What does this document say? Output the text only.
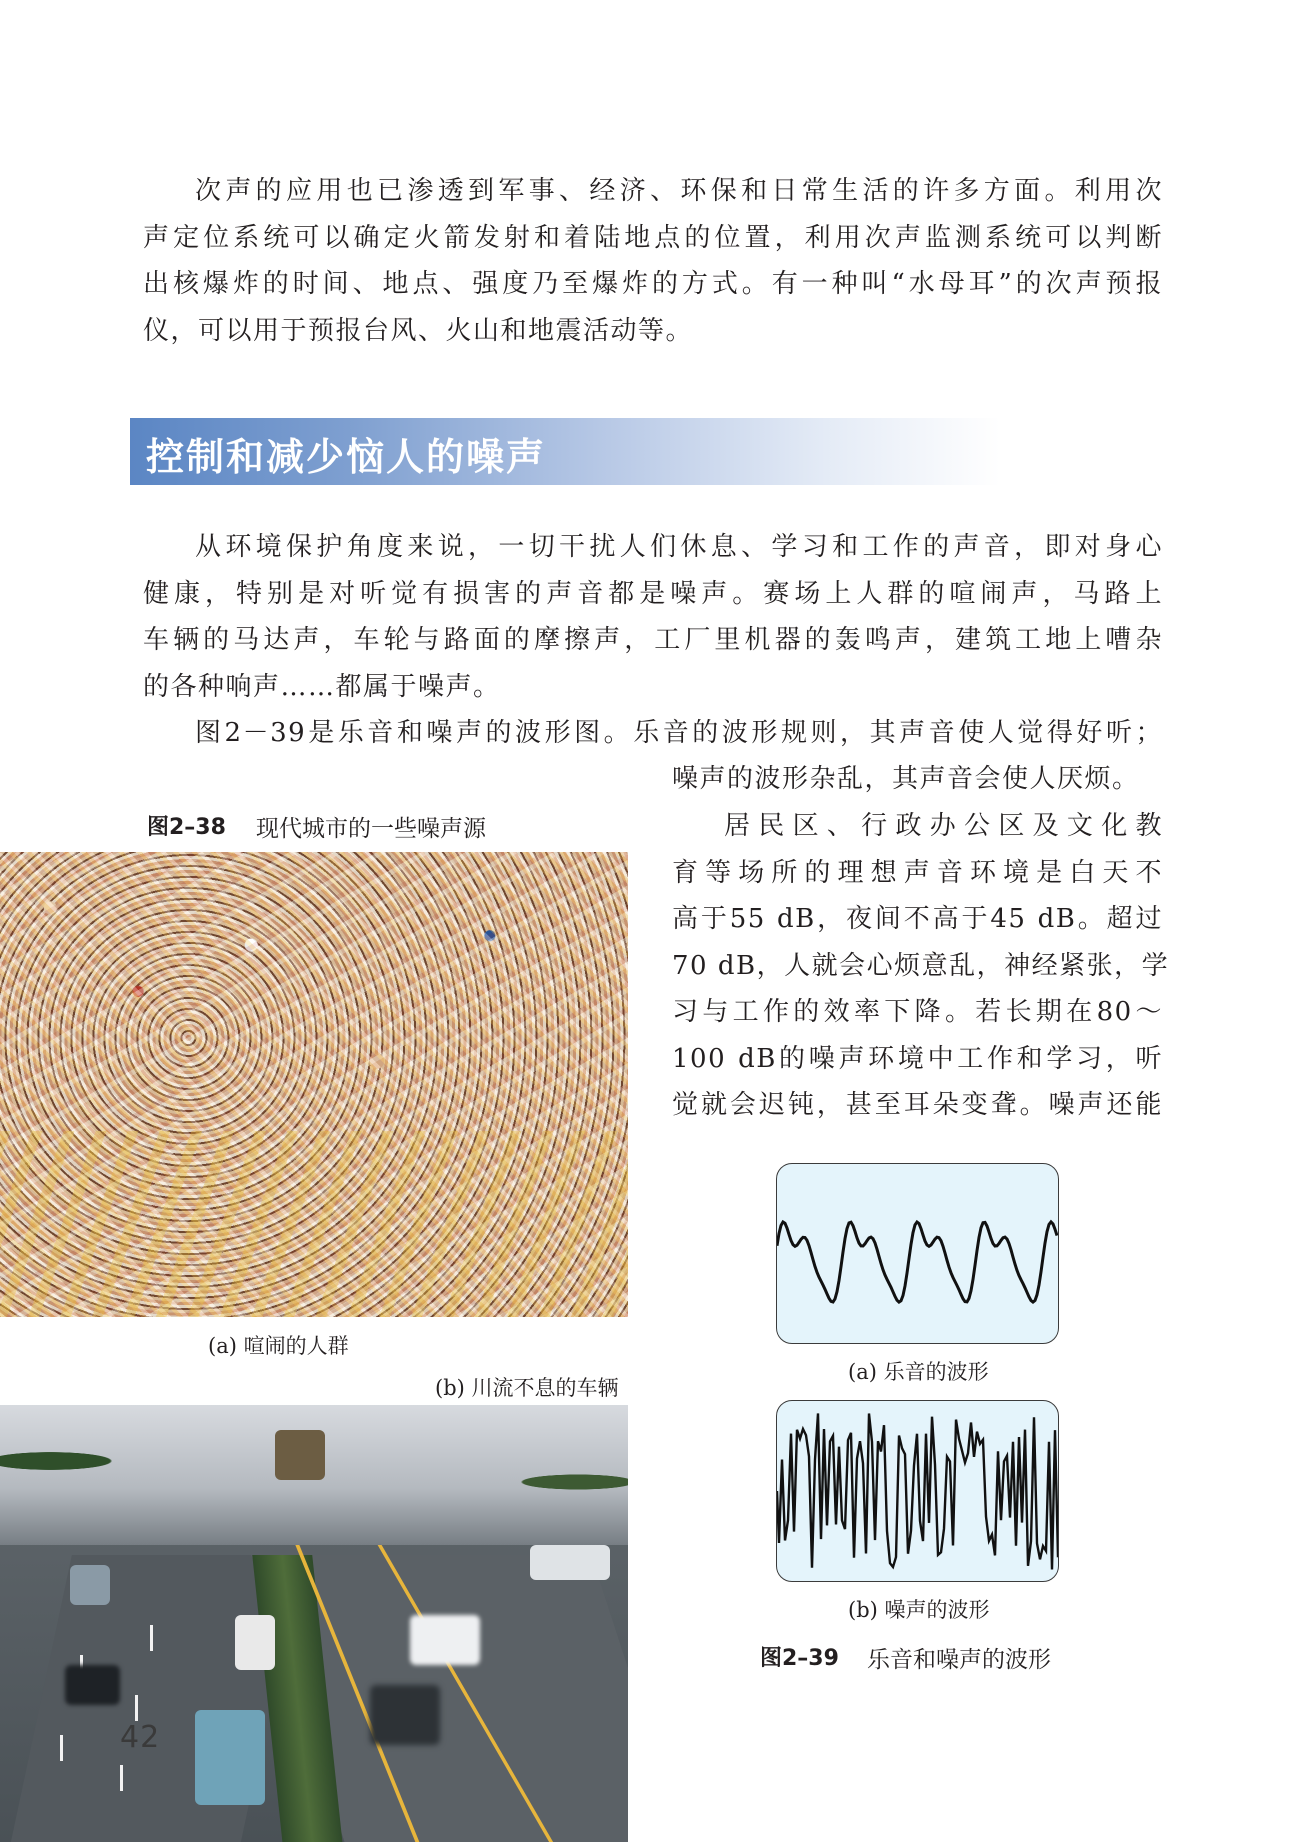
次声的应用也已渗透到军事、经济、环保和日常生活的许多方面。利用次
声定位系统可以确定火箭发射和着陆地点的位置，利用次声监测系统可以判断
出核爆炸的时间、地点、强度乃至爆炸的方式。有一种叫“水母耳”的次声预报
仪，可以用于预报台风、火山和地震活动等。

控制和减少恼人的噪声

从环境保护角度来说，一切干扰人们休息、学习和工作的声音，即对身心
健康，特别是对听觉有损害的声音都是噪声。赛场上人群的喧闹声，马路上
车辆的马达声，车轮与路面的摩擦声，工厂里机器的轰鸣声，建筑工地上嘈杂
的各种响声……都属于噪声。

图2－39是乐音和噪声的波形图。乐音的波形规则，其声音使人觉得好听；

噪声的波形杂乱，其声音会使人厌烦。

居民区、行政办公区及文化教
育等场所的理想声音环境是白天不
高于55 dB，夜间不高于45 dB。超过
70 dB，人就会心烦意乱，神经紧张，学
习与工作的效率下降。若长期在80～
100 dB的噪声环境中工作和学习，听
觉就会迟钝，甚至耳朵变聋。噪声还能

图2–38 现代城市的一些噪声源
(a) 喧闹的人群
(b) 川流不息的车辆
42
(a) 乐音的波形
(b) 噪声的波形
图2–39 乐音和噪声的波形
